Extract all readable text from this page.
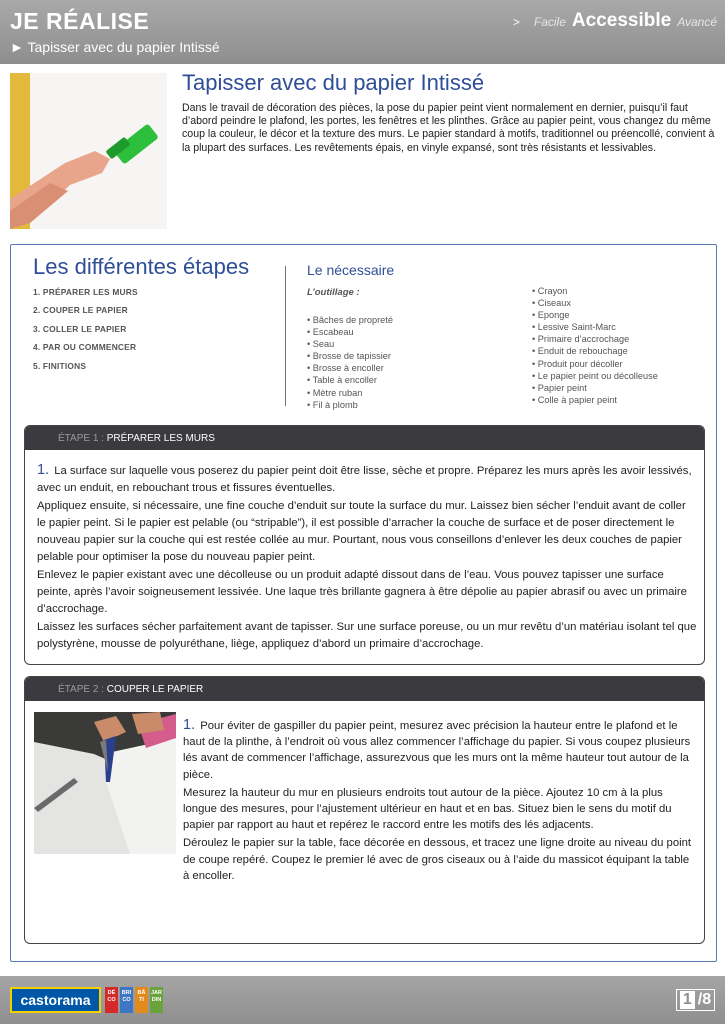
JE RÉALISE
► Tapisser avec du papier Intissé
> Facile Accessible Avancé
Tapisser avec du papier Intissé
Dans le travail de décoration des pièces, la pose du papier peint vient normalement en dernier, puisqu’il faut d’abord peindre le plafond, les portes, les fenêtres et les plinthes. Grâce au papier peint, vous changez du même coup la couleur, le décor et la texture des murs. Le papier standard à motifs, traditionnel ou préencollé, convient à la plupart des surfaces. Les revêtements épais, en vinyle expansé, sont très résistants et lessivables.
Les différentes étapes
1. PRÉPARER LES MURS
2. COUPER LE PAPIER
3. COLLER LE PAPIER
4. PAR OU COMMENCER
5. FINITIONS
Le nécessaire
L’outillage :
• Bâches de propreté
• Escabeau
• Seau
• Brosse de tapissier
• Brosse à encoller
• Table à encoller
• Mètre ruban
• Fil à plomb
• Crayon
• Ciseaux
• Eponge
• Lessive Saint-Marc
• Primaire d’accrochage
• Enduit de rebouchage
• Produit pour décoller
• Le papier peint ou décolleuse
• Papier peint
• Colle à papier peint
ÉTAPE 1 : PRÉPARER LES MURS

1. La surface sur laquelle vous poserez du papier peint doit être lisse, sèche et propre. Préparez les murs après les avoir lessivés, avec un enduit, en rebouchant trous et fissures éventuelles.

Appliquez ensuite, si nécessaire, une fine couche d’enduit sur toute la surface du mur. Laissez bien sécher l’enduit avant de coller le papier peint. Si le papier est pelable (ou “stripable”), il est possible d’arracher la couche de surface et de poser directement le nouveau papier sur la couche qui est restée collée au mur. Pourtant, nous vous conseillons d’enlever les deux couches de papier pelable pour optimiser la pose du nouveau papier peint.

Enlevez le papier existant avec une décolleuse ou un produit adapté dissout dans de l’eau. Vous pouvez tapisser une surface peinte, après l’avoir soigneusement lessivée. Une laque très brillante gagnera à être dépolie au papier abrasif ou avec un primaire d’accrochage.

Laissez les surfaces sécher parfaitement avant de tapisser. Sur une surface poreuse, ou un mur revêtu d’un matériau isolant tel que polystyrène, mousse de polyuréthane, liège, appliquez d’abord un primaire d’accrochage.

ÉTAPE 2 : COUPER LE PAPIER

1. Pour éviter de gaspiller du papier peint, mesurez avec précision la hauteur entre le plafond et le haut de la plinthe, à l’endroit où vous allez commencer l’affichage du papier. Si vous coupez plusieurs lés avant de commencer l’affichage, assurezvous que les murs ont la même hauteur tout autour de la pièce.

Mesurez la hauteur du mur en plusieurs endroits tout autour de la pièce. Ajoutez 10 cm à la plus longue des mesures, pour l’ajustement ultérieur en haut et en bas. Situez bien le sens du motif du papier par rapport au haut et repérez le raccord entre les motifs des lés adjacents.

Déroulez le papier sur la table, face décorée en dessous, et tracez une ligne droite au niveau du point de coupe repéré. Coupez le premier lé avec de gros ciseaux ou à l’aide du massicot équipant la table à encoller.

castorama	DÉ CO
BRI CO
BÂ TI
JAR DIN	1 /8
